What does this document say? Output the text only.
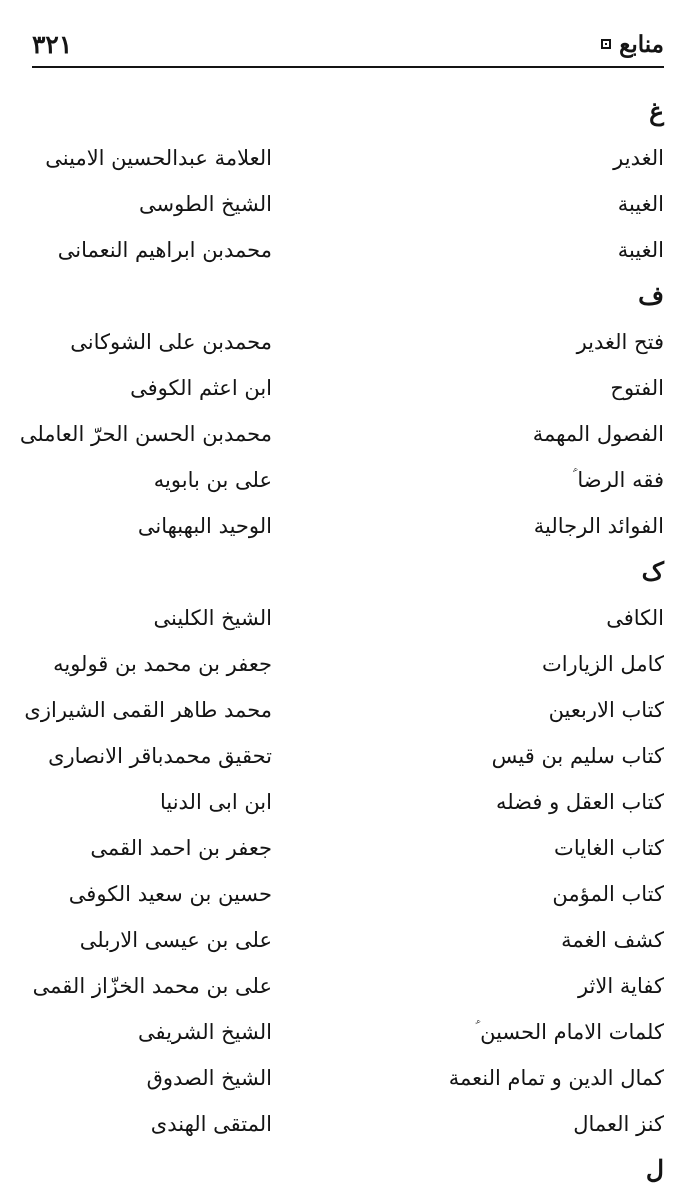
منابع
۳۲۱
غ
الغدیر
العلامة عبدالحسین الامینی
الغیبة
الشیخ الطوسی
الغیبة
محمدبن ابراهیم النعمانی
ف
فتح الغدیر
محمدبن علی الشوکانی
الفتوح
ابن اعثم الکوفی
الفصول المهمة
محمدبن الحسن الحرّ العاملی
فقه الرضا ؑ
علی بن بابویه
الفوائد الرجالیة
الوحید البهبهانی
ک
الکافی
الشیخ الکلینی
کامل الزیارات
جعفر بن محمد بن قولویه
کتاب الاربعین
محمد طاهر القمی الشیرازی
کتاب سلیم بن قیس
تحقیق محمدباقر الانصاری
کتاب العقل و فضله
ابن ابی الدنیا
کتاب الغایات
جعفر بن احمد القمی
کتاب المؤمن
حسین بن سعید الکوفی
کشف الغمة
علی بن عیسی الاربلی
کفایة الاثر
علی بن محمد الخزّاز القمی
کلمات الامام الحسین ؑ
الشیخ الشریفی
کمال الدین و تمام النعمة
الشیخ الصدوق
کنز العمال
المتقی الهندی
ل
